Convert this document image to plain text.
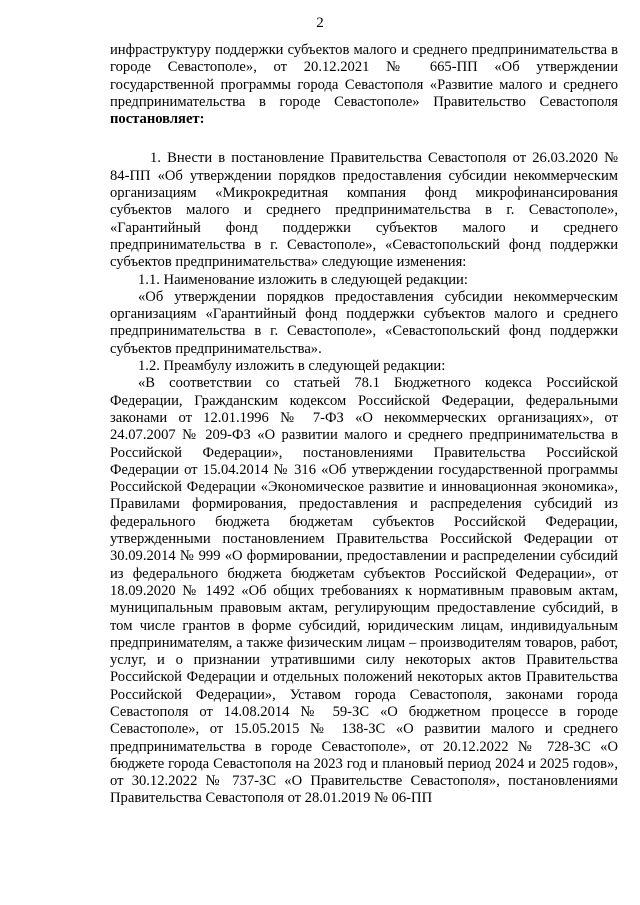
2

инфраструктуру поддержки субъектов малого и среднего предпринимательства в городе Севастополе», от 20.12.2021 № 665-ПП «Об утверждении государственной программы города Севастополя «Развитие малого и среднего предпринимательства в городе Севастополе» Правительство Севастополя постановляет:

1. Внести в постановление Правительства Севастополя от 26.03.2020 № 84-ПП «Об утверждении порядков предоставления субсидии некоммерческим организациям «Микрокредитная компания фонд микрофинансирования субъектов малого и среднего предпринимательства в г. Севастополе», «Гарантийный фонд поддержки субъектов малого и среднего предпринимательства в г. Севастополе», «Севастопольский фонд поддержки субъектов предпринимательства» следующие изменения:

1.1. Наименование изложить в следующей редакции:

«Об утверждении порядков предоставления субсидии некоммерческим организациям «Гарантийный фонд поддержки субъектов малого и среднего предпринимательства в г. Севастополе», «Севастопольский фонд поддержки субъектов предпринимательства».

1.2. Преамбулу изложить в следующей редакции:

«В соответствии со статьей 78.1 Бюджетного кодекса Российской Федерации, Гражданским кодексом Российской Федерации, федеральными законами от 12.01.1996 № 7-ФЗ «О некоммерческих организациях», от 24.07.2007 № 209-ФЗ «О развитии малого и среднего предпринимательства в Российской Федерации», постановлениями Правительства Российской Федерации от 15.04.2014 № 316 «Об утверждении государственной программы Российской Федерации «Экономическое развитие и инновационная экономика», Правилами формирования, предоставления и распределения субсидий из федерального бюджета бюджетам субъектов Российской Федерации, утвержденными постановлением Правительства Российской Федерации от 30.09.2014 № 999 «О формировании, предоставлении и распределении субсидий из федерального бюджета бюджетам субъектов Российской Федерации», от 18.09.2020 № 1492 «Об общих требованиях к нормативным правовым актам, муниципальным правовым актам, регулирующим предоставление субсидий, в том числе грантов в форме субсидий, юридическим лицам, индивидуальным предпринимателям, а также физическим лицам – производителям товаров, работ, услуг, и о признании утратившими силу некоторых актов Правительства Российской Федерации и отдельных положений некоторых актов Правительства Российской Федерации», Уставом города Севастополя, законами города Севастополя от 14.08.2014 № 59-ЗС «О бюджетном процессе в городе Севастополе», от 15.05.2015 № 138-ЗС «О развитии малого и среднего предпринимательства в городе Севастополе», от 20.12.2022 № 728-ЗС «О бюджете города Севастополя на 2023 год и плановый период 2024 и 2025 годов», от 30.12.2022 № 737-ЗС «О Правительстве Севастополя», постановлениями Правительства Севастополя от 28.01.2019 № 06-ПП
